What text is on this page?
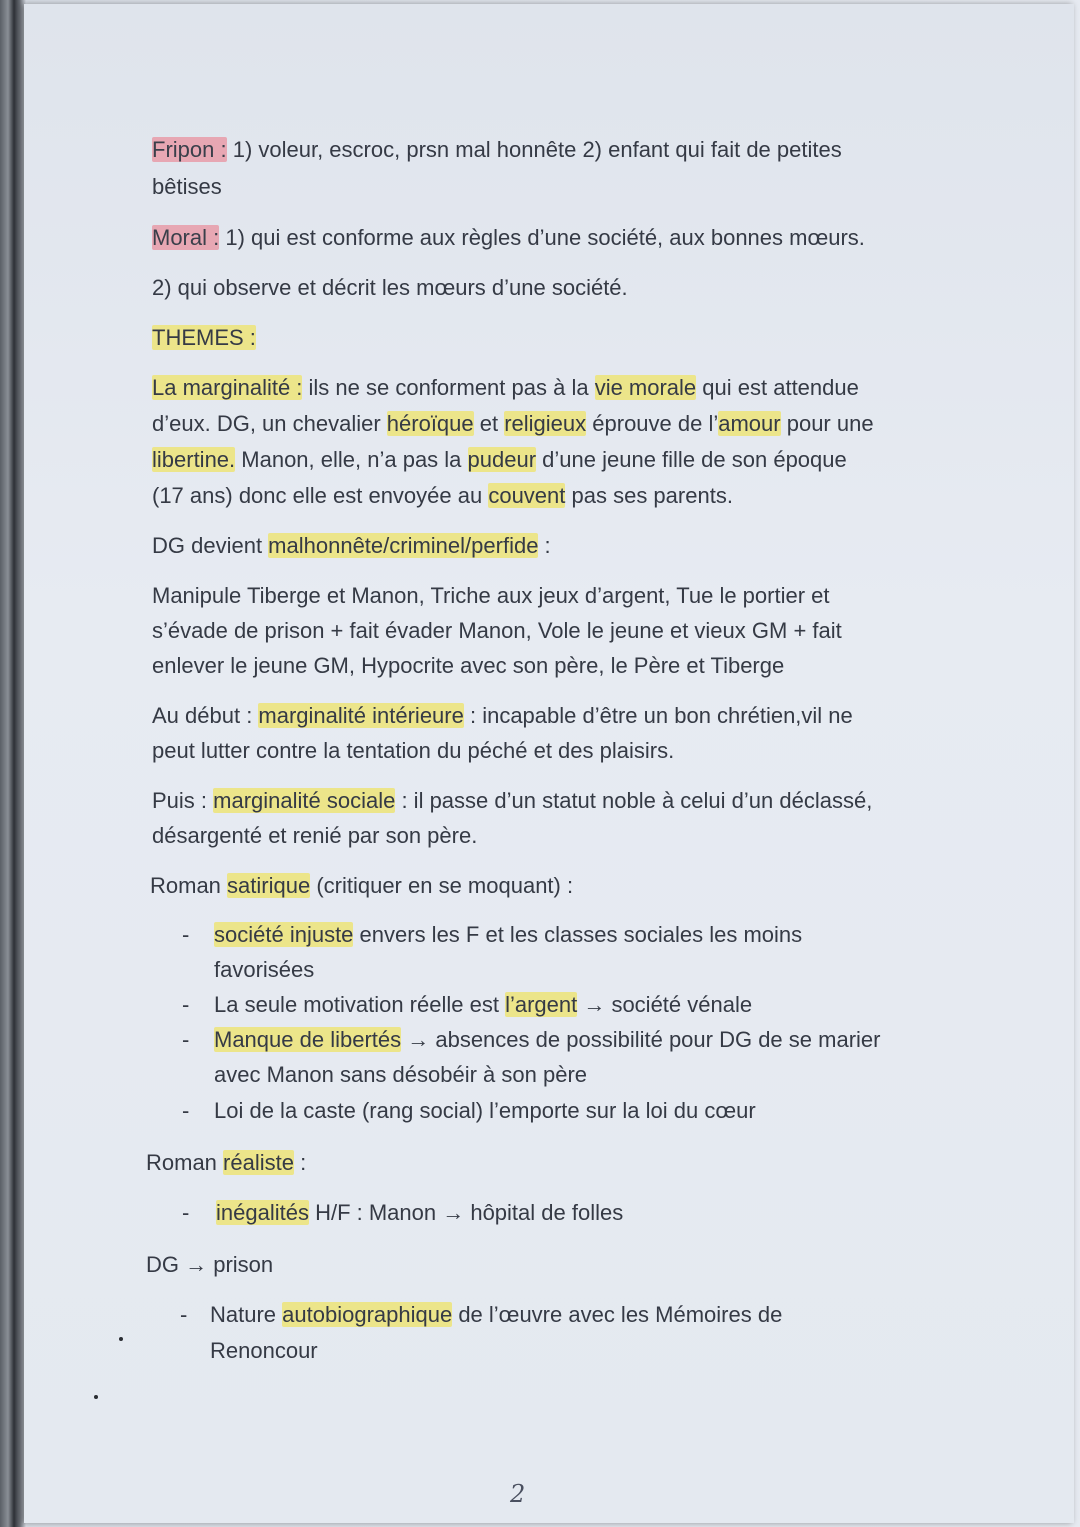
Fripon : 1) voleur, escroc, prsn mal honnête 2) enfant qui fait de petites

bêtises

Moral : 1) qui est conforme aux règles d’une société, aux bonnes mœurs.

2) qui observe et décrit les mœurs d’une société.

THEMES :

La marginalité : ils ne se conforment pas à la vie morale qui est attendue

d’eux. DG, un chevalier héroïque et religieux éprouve de l’amour pour une

libertine. Manon, elle, n’a pas la pudeur d’une jeune fille de son époque

(17 ans) donc elle est envoyée au couvent pas ses parents.

DG devient malhonnête/criminel/perfide :

Manipule Tiberge et Manon, Triche aux jeux d’argent, Tue le portier et

s’évade de prison + fait évader Manon, Vole le jeune et vieux GM + fait

enlever le jeune GM, Hypocrite avec son père, le Père et Tiberge

Au début : marginalité intérieure : incapable d’être un bon chrétien,vil ne

peut lutter contre la tentation du péché et des plaisirs.

Puis : marginalité sociale : il passe d’un statut noble à celui d’un déclassé,

désargenté et renié par son père.

Roman satirique (critiquer en se moquant) :

- société injuste envers les F et les classes sociales les moins

favorisées

- La seule motivation réelle est l’argent → société vénale

- Manque de libertés → absences de possibilité pour DG de se marier

avec Manon sans désobéir à son père

- Loi de la caste (rang social) l’emporte sur la loi du cœur

Roman réaliste :

- inégalités H/F : Manon → hôpital de folles

DG → prison

- Nature autobiographique de l’œuvre avec les Mémoires de

Renoncour

2
